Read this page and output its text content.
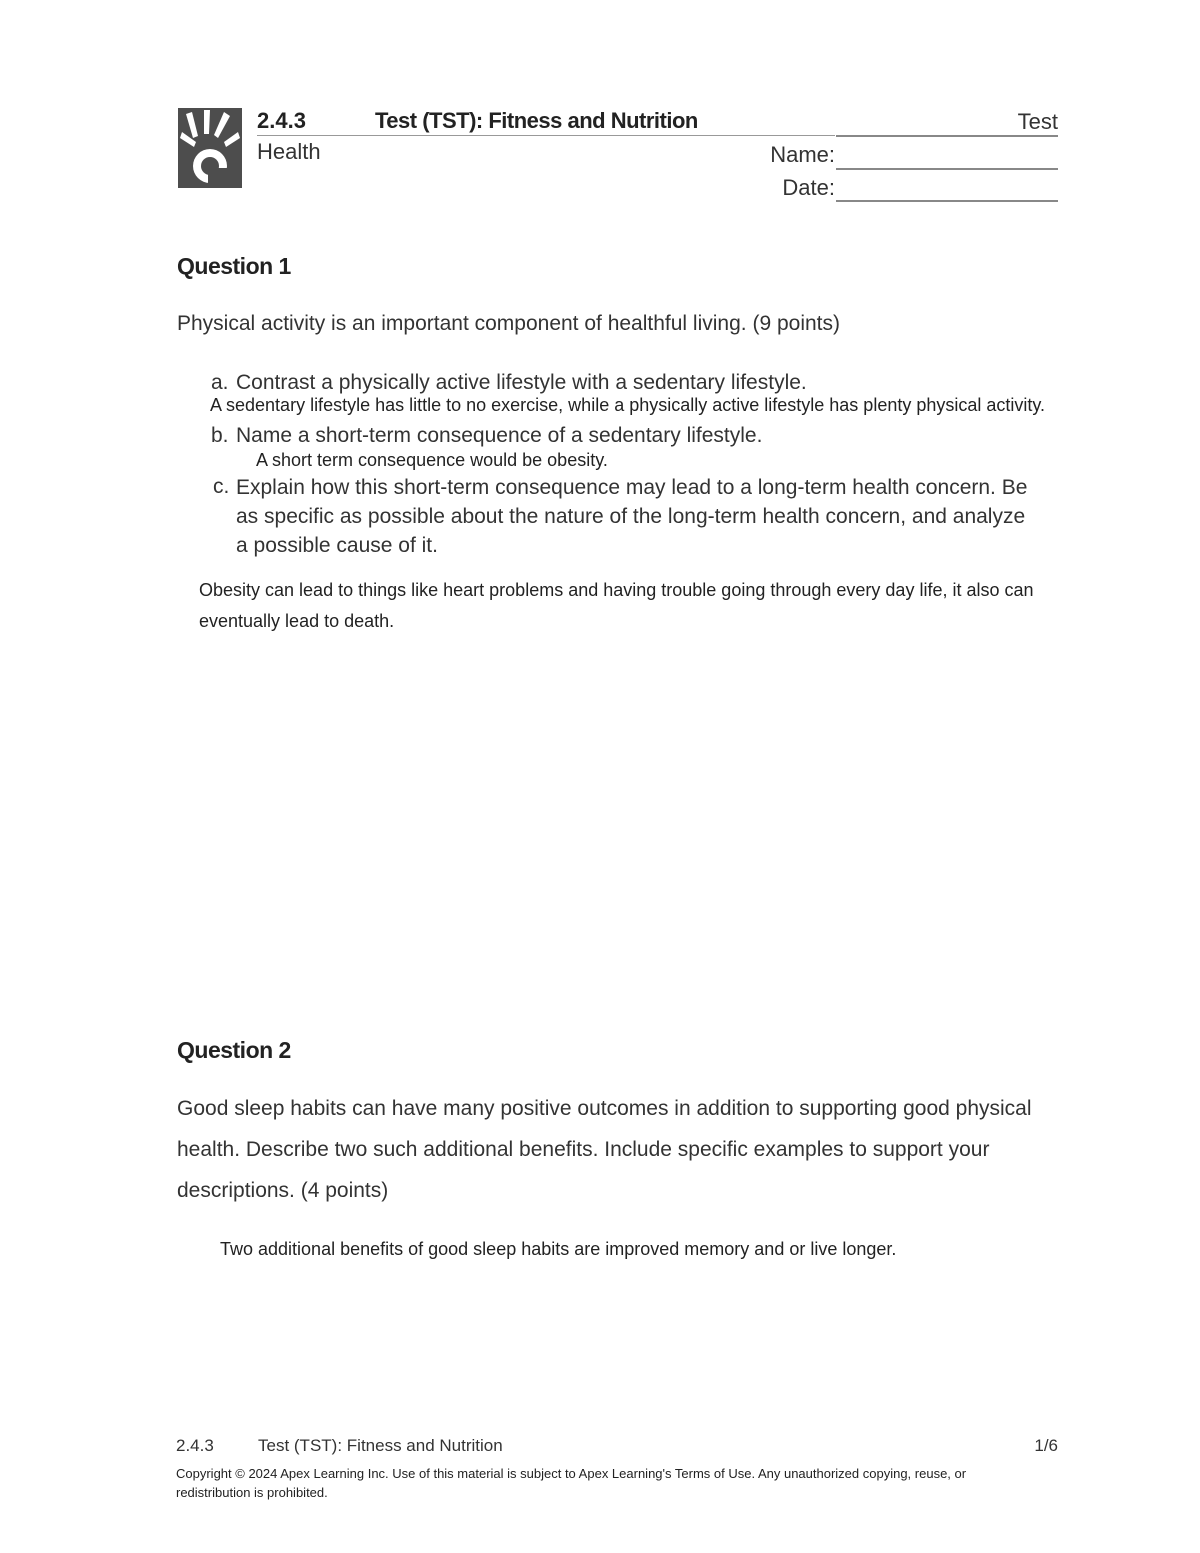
2.4.3	Test (TST): Fitness and Nutrition	Test
Health	Name:
Date:
Question 1
Physical activity is an important component of healthful living. (9 points)
a. Contrast a physically active lifestyle with a sedentary lifestyle.
A sedentary lifestyle has little to no exercise, while a physically active lifestyle has plenty physical activity.
b. Name a short-term consequence of a sedentary lifestyle.
A short term consequence would be obesity.
c. Explain how this short-term consequence may lead to a long-term health concern. Be as specific as possible about the nature of the long-term health concern, and analyze a possible cause of it.
Obesity can lead to things like heart problems and having trouble going through every day life, it also can eventually lead to death.
Question 2
Good sleep habits can have many positive outcomes in addition to supporting good physical health. Describe two such additional benefits. Include specific examples to support your descriptions. (4 points)
Two additional benefits of good sleep habits are improved memory and or live longer.
2.4.3	Test (TST): Fitness and Nutrition	1/6
Copyright © 2024 Apex Learning Inc. Use of this material is subject to Apex Learning's Terms of Use. Any unauthorized copying, reuse, or redistribution is prohibited.
